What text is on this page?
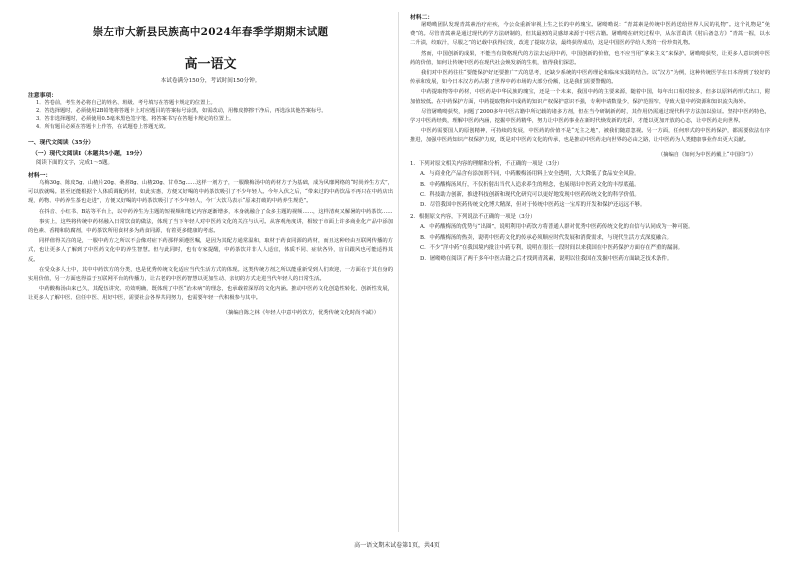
崇左市大新县民族高中2024年春季学期期末试题
高一语文
本试卷满分150分，考试时间150分钟。
注意事项：
1．答卷前，考生务必将自己的姓名、班级、考号填写在答题卡规定的位置上。
2．答选择题时，必须使用2B铅笔将答题卡上对应题目的答案标号涂黑，如需改动，用橡皮擦擦干净后，再选涂其他答案标号。
3．答非选择题时，必须使用0.5毫米黑色签字笔，将答案书写在答题卡规定的位置上。
4．所有题目必须在答题卡上作答，在试题卷上答题无效。
一、现代文阅读（35分）
（一）现代文阅读Ⅰ（本题共5小题，19分）
阅读下面的文字，完成1～5题。
材料一：

乌梅30g、陈皮5g、山楂片20g、桑葚8g、山楂20g、甘草5g……这样一剂方子，一服酸梅汤中的药材方子为基础，成为风靡网络的“时尚养生方式”，可以放就喝。甚至还能根据个人体质调配药材，如此实惠，方便又好喝的中药茶饮吸引了不少年轻人。今年入伏之后，“带来过的中药饮品不再只在中药店出现，药物、中药养生茶也走进”，方便又好喝的中药茶饮吸引了不少年轻人，今厂大饮马表示“原来打破的中药养生规范”。

在抖音、小红书、B站等平台上，以中药养生为主题的短视频和笔记内容逐渐增多，本身就融合了众多主题的视频……，这样清爽又解暑的中药茶饮……

事实上，这些将传统中药材融入日常饮食的做法，体现了当下年轻人对中医药文化的关注与认可。从客观角度讲，相较于市面上许多商业化产品中添加的色素、香精和防腐剂，中药茶饮所用食材多为药食同源，有着更多健康的考虑。

同样值得关注的是，一服中药方之所以不会像对症下药那样须遵医嘱，是因为其配方通常温和，取材于药食同源的药材，而且这种经由互联网传播的方式，也让更多人了解到了中医药文化中的养生智慧。但与此同时，也有专家提醒，中药茶饮并非人人适宜，体质不同、症状各异，盲目跟风也可能适得其反。

在受众多人士中，其中中药饮方的分类，也是优秀传统文化适应当代生活方式的体现。这类传统方剂之所以能重新受到人们欢迎，一方面在于其自身的实用价值，另一方面也得益于互联网平台的传播力，让古老的中医药智慧以更加生动、亲切的方式走进当代年轻人的日常生活。

中药酸梅汤由来已久，其配伍讲究、功效明确，既体现了中医“治未病”的理念，也承载着深厚的文化内涵。推动中医药文化创造性转化、创新性发展，让更多人了解中医、信任中医、用好中医，需要社会各界共同努力，也需要年轻一代积极参与其中。

（摘编自陈之林《年轻人中意中药饮方，优秀传统文化时尚不减》）
材料二：

屠呦呦团队发现青蒿素治疗疟疾，今公众重新审视上生之长的中药瑰宝。屠呦呦说：“青蒿素是传统中医药送给世界人民的礼物”。这个礼物是“免费”的。尽管青蒿素是通过现代药学方法研制的，但其最初的灵感却来源于中医古籍。屠呦呦在研究过程中，从东晋葛洪《肘后备急方》“青蒿一握，以水二升渍，绞取汁，尽服之”的记载中获得启发，改进了提取方法，最终获得成功，这是中国医药学给人类的一份珍贵礼物。

然而，中国创新的成果，不能当有资格现代的方法去运用中药，中国创新的价值，也不应当用“拿来主义”来保护。屠呦呦获奖，让更多人意识到中医药的价值，如何让传统中医药在现代社会焕发新的生机，值得我们深思。

我们对中医药往往“要能保护好还要推广”式的思考，还缺少系统的中医药理论和临床实践的结合。以“汉方”为例，这种传统医学在日本得到了较好的传承和发展，如今日本汉方药占据了世界中药市场的大部分份额，这是我们需要警醒的。

中药提取物等中药材，中医药是中华民族的瑰宝，还是一个未来，我国中药的主要来源，随着中国，每年出口相对较多，但多以原料药形式出口，附加值较低。在中药保护方面，中药提取物和中成药的知识产权保护意识不强，专利申请数量少，保护范围窄，导致大量中药资源和知识流失海外。

尽管屠呦呦获奖，问题了2000多年中医古籍中所记载的诸多方剂，但在当今研制新药时，其作用仍需通过现代科学方法加以验证。坚持中医药特色，学习中医药经典，理解中医药内涵，挖掘中医药精华，努力让中医药事业在新时代焕发新的光彩，才能以更加开放的心态，让中医药走向世界。

中医药需要国人的原创精神，可持续的发展，中医药的价值不是“无主之地”，被我们随意忽视。另一方面，任何形式的中医药保护，都需要依法有序推进，加强中医药知识产权保护力度，既是对中医药文化的传承，也是推动中医药走向世界的必由之路，让中医药为人类健康事业作出更大贡献。

（摘编自《如何为中医药戴上“中国印”》）
1．下列对原文相关内容的理解和分析，不正确的一项是（3分）
A．与商业化产品含有添加剂不同，中药酸梅汤用料上安全透明，大大降低了食品安全风险。
B．中药酸梅汤风行，不仅折射出当代人追求养生的理念，也展现出中医药文化的丰厚底蕴。
C．科技助力创新，推进科技创新和现代化研究可以更好地发现中医药传统文化的科学价值。
D．尽管我国中医药传统文化博大精深，但对于传统中医药这一宝库的开发和保护还远远不够。
2．根据原文内容，下列说法不正确的一项是（3分）
A．中药酸梅汤的优势与“出圈”，说明利用中药饮方将普通人群对优秀中医药传统文化的自信与认同成为一种可能。
B．中药酸梅汤的热卖，说明中医药文化的传承必须顺应时代发展和消费需求，与现代生活方式深度融合。
C．不少“洋中药”在我国境内批注中药专利，说明在很长一段时间以来我国在中医药保护方面存在严重的漏洞。
D．屠呦呦在阅读了两千多年中医古籍之后才找到青蒿素，说明以往我国在发掘中医药方面缺乏技术条件。
高一语文期末试卷第1页，共4页
